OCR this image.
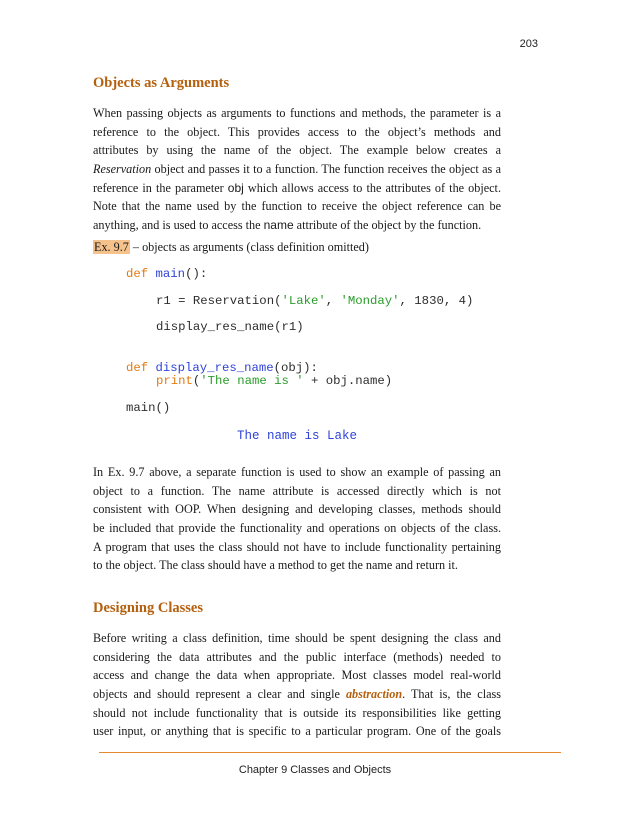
203
Objects as Arguments

When passing objects as arguments to functions and methods, the parameter is a
reference to the object. This provides access to the object’s methods and
attributes by using the name of the object. The example below creates a
Reservation object and passes it to a function. The function receives the object as a
reference in the parameter obj which allows access to the attributes of the object.
Note that the name used by the function to receive the object reference can be
anything, and is used to access the name attribute of the object by the function.

Ex. 9.7 – objects as arguments (class definition omitted)

def main():
r1 = Reservation('Lake', 'Monday', 1830, 4)
display_res_name(r1)
def display_res_name(obj):
print('The name is ' + obj.name)
main()
The name is Lake

In Ex. 9.7 above, a separate function is used to show an example of passing an
object to a function. The name attribute is accessed directly which is not
consistent with OOP. When designing and developing classes, methods should
be included that provide the functionality and operations on objects of the class.
A program that uses the class should not have to include functionality pertaining
to the object. The class should have a method to get the name and return it.

Designing Classes

Before writing a class definition, time should be spent designing the class and
considering the data attributes and the public interface (methods) needed to
access and change the data when appropriate. Most classes model real-world
objects and should represent a clear and single abstraction. That is, the class
should not include functionality that is outside its responsibilities like getting
user input, or anything that is specific to a particular program. One of the goals

Chapter 9 Classes and Objects
